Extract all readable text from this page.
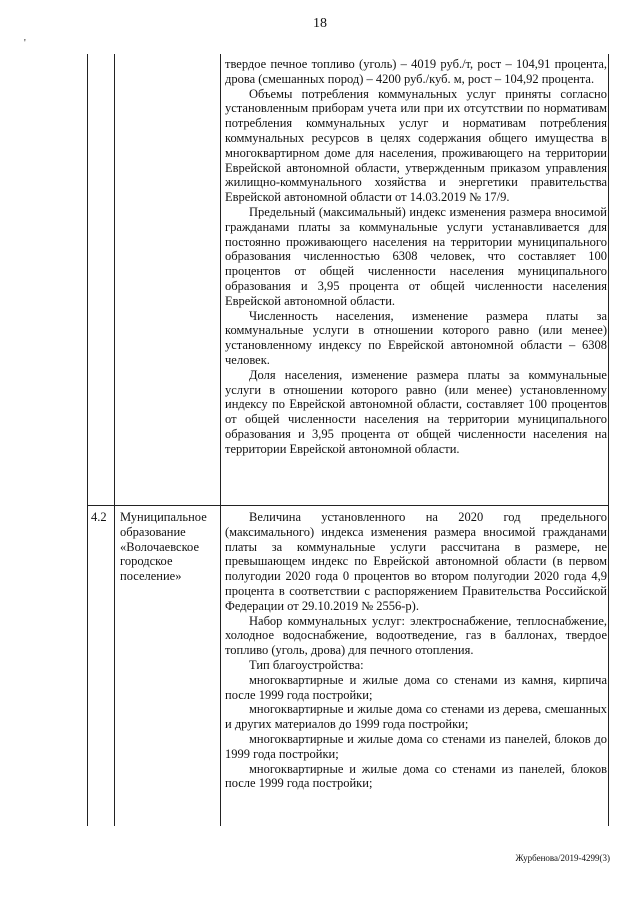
18
'

твердое печное топливо (уголь) – 4019 руб./т, рост – 104,91 процента, дрова (смешанных пород) – 4200 руб./куб. м, рост – 104,92 процента.

Объемы потребления коммунальных услуг приняты согласно установленным приборам учета или при их отсутствии по нормативам потребления коммунальных услуг и нормативам потребления коммунальных ресурсов в целях содержания общего имущества в многоквартирном доме для населения, проживающего на территории Еврейской автономной области, утвержденным приказом управления жилищно-коммунального хозяйства и энергетики правительства Еврейской автономной области от 14.03.2019 № 17/9.

Предельный (максимальный) индекс изменения размера вносимой гражданами платы за коммунальные услуги устанавливается для постоянно проживающего населения на территории муниципального образования численностью 6308 человек, что составляет 100 процентов от общей численности населения муниципального образования и 3,95 процента от общей численности населения Еврейской автономной области.

Численность населения, изменение размера платы за коммунальные услуги в отношении которого равно (или менее) установленному индексу по Еврейской автономной области – 6308 человек.

Доля населения, изменение размера платы за коммунальные услуги в отношении которого равно (или менее) установленному индексу по Еврейской автономной области, составляет 100 процентов от общей численности населения на территории муниципального образования и 3,95 процента от общей численности населения на территории Еврейской автономной области.

4.2 Муниципальное
образование
«Волочаевское
городское
поселение»

Величина установленного на 2020 год предельного (максимального) индекса изменения размера вносимой гражданами платы за коммунальные услуги рассчитана в размере, не превышающем индекс по Еврейской автономной области (в первом полугодии 2020 года 0 процентов во втором полугодии 2020 года 4,9 процента в соответствии с распоряжением Правительства Российской Федерации от 29.10.2019 № 2556-р).

Набор коммунальных услуг: электроснабжение, теплоснабжение, холодное водоснабжение, водоотведение, газ в баллонах, твердое топливо (уголь, дрова) для печного отопления.

Тип благоустройства:

многоквартирные и жилые дома со стенами из камня, кирпича после 1999 года постройки;

многоквартирные и жилые дома со стенами из дерева, смешанных и других материалов до 1999 года постройки;

многоквартирные и жилые дома со стенами из панелей, блоков до 1999 года постройки;

многоквартирные и жилые дома со стенами из панелей, блоков после 1999 года постройки;

Журбенова/2019-4299(3)
